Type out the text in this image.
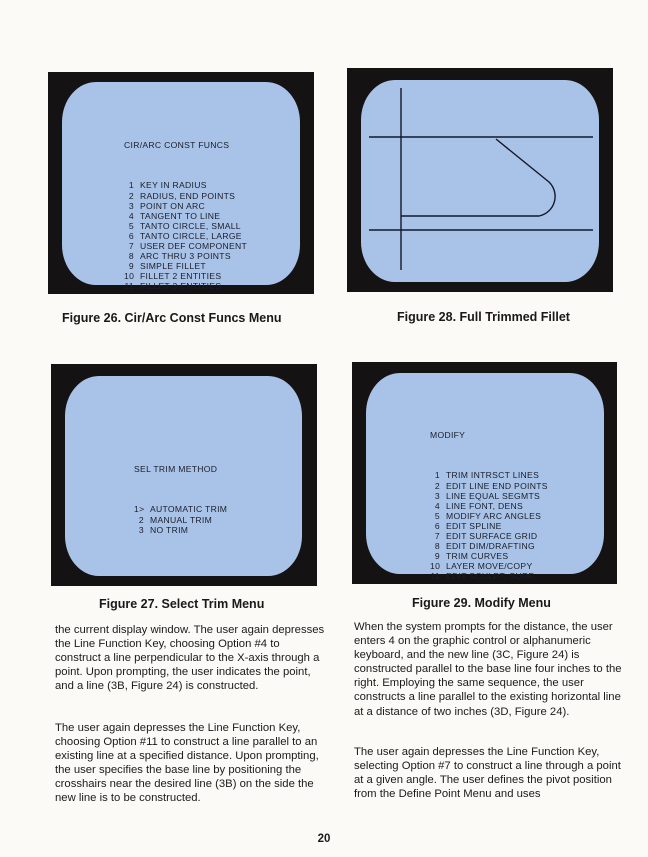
CIR/ARC CONST FUNCS

1 KEY IN RADIUS
2 RADIUS, END POINTS
3 POINT ON ARC
4 TANGENT TO LINE
5 TANTO CIRCLE, SMALL
6 TANTO CIRCLE, LARGE
7 USER DEF COMPONENT
8 ARC THRU 3 POINTS
9 SIMPLE FILLET
10 FILLET 2 ENTITIES
11 FILLET 3 ENTITIES

Figure 26. Cir/Arc Const Funcs Menu	Figure 28. Full Trimmed Fillet

SEL TRIM METHOD

1> AUTOMATIC TRIM
2 MANUAL TRIM
3 NO TRIM

Figure 27. Select Trim Menu

MODIFY

1 TRIM INTRSCT LINES
2 EDIT LINE END POINTS
3 LINE EQUAL SEGMTS
4 LINE FONT, DENS
5 MODIFY ARC ANGLES
6 EDIT SPLINE
7 EDIT SURFACE GRID
8 EDIT DIM/DRAFTING
9 TRIM CURVES
10 LAYER MOVE/COPY
11 EDIT SCULPT. SURF.

Figure 29. Modify Menu

the current display window. The user again depresses the Line Function Key, choosing Option #4 to construct a line perpendicular to the X-axis through a point. Upon prompting, the user indicates the point, and a line (3B, Figure 24) is constructed.

The user again depresses the Line Function Key, choosing Option #11 to construct a line parallel to an existing line at a specified distance. Upon prompting, the user specifies the base line by positioning the crosshairs near the desired line (3B) on the side the new line is to be constructed.

When the system prompts for the distance, the user enters 4 on the graphic control or alphanumeric keyboard, and the new line (3C, Figure 24) is constructed parallel to the base line four inches to the right. Employing the same sequence, the user constructs a line parallel to the existing horizontal line at a distance of two inches (3D, Figure 24).

The user again depresses the Line Function Key, selecting Option #7 to construct a line through a point at a given angle. The user defines the pivot position from the Define Point Menu and uses

20
